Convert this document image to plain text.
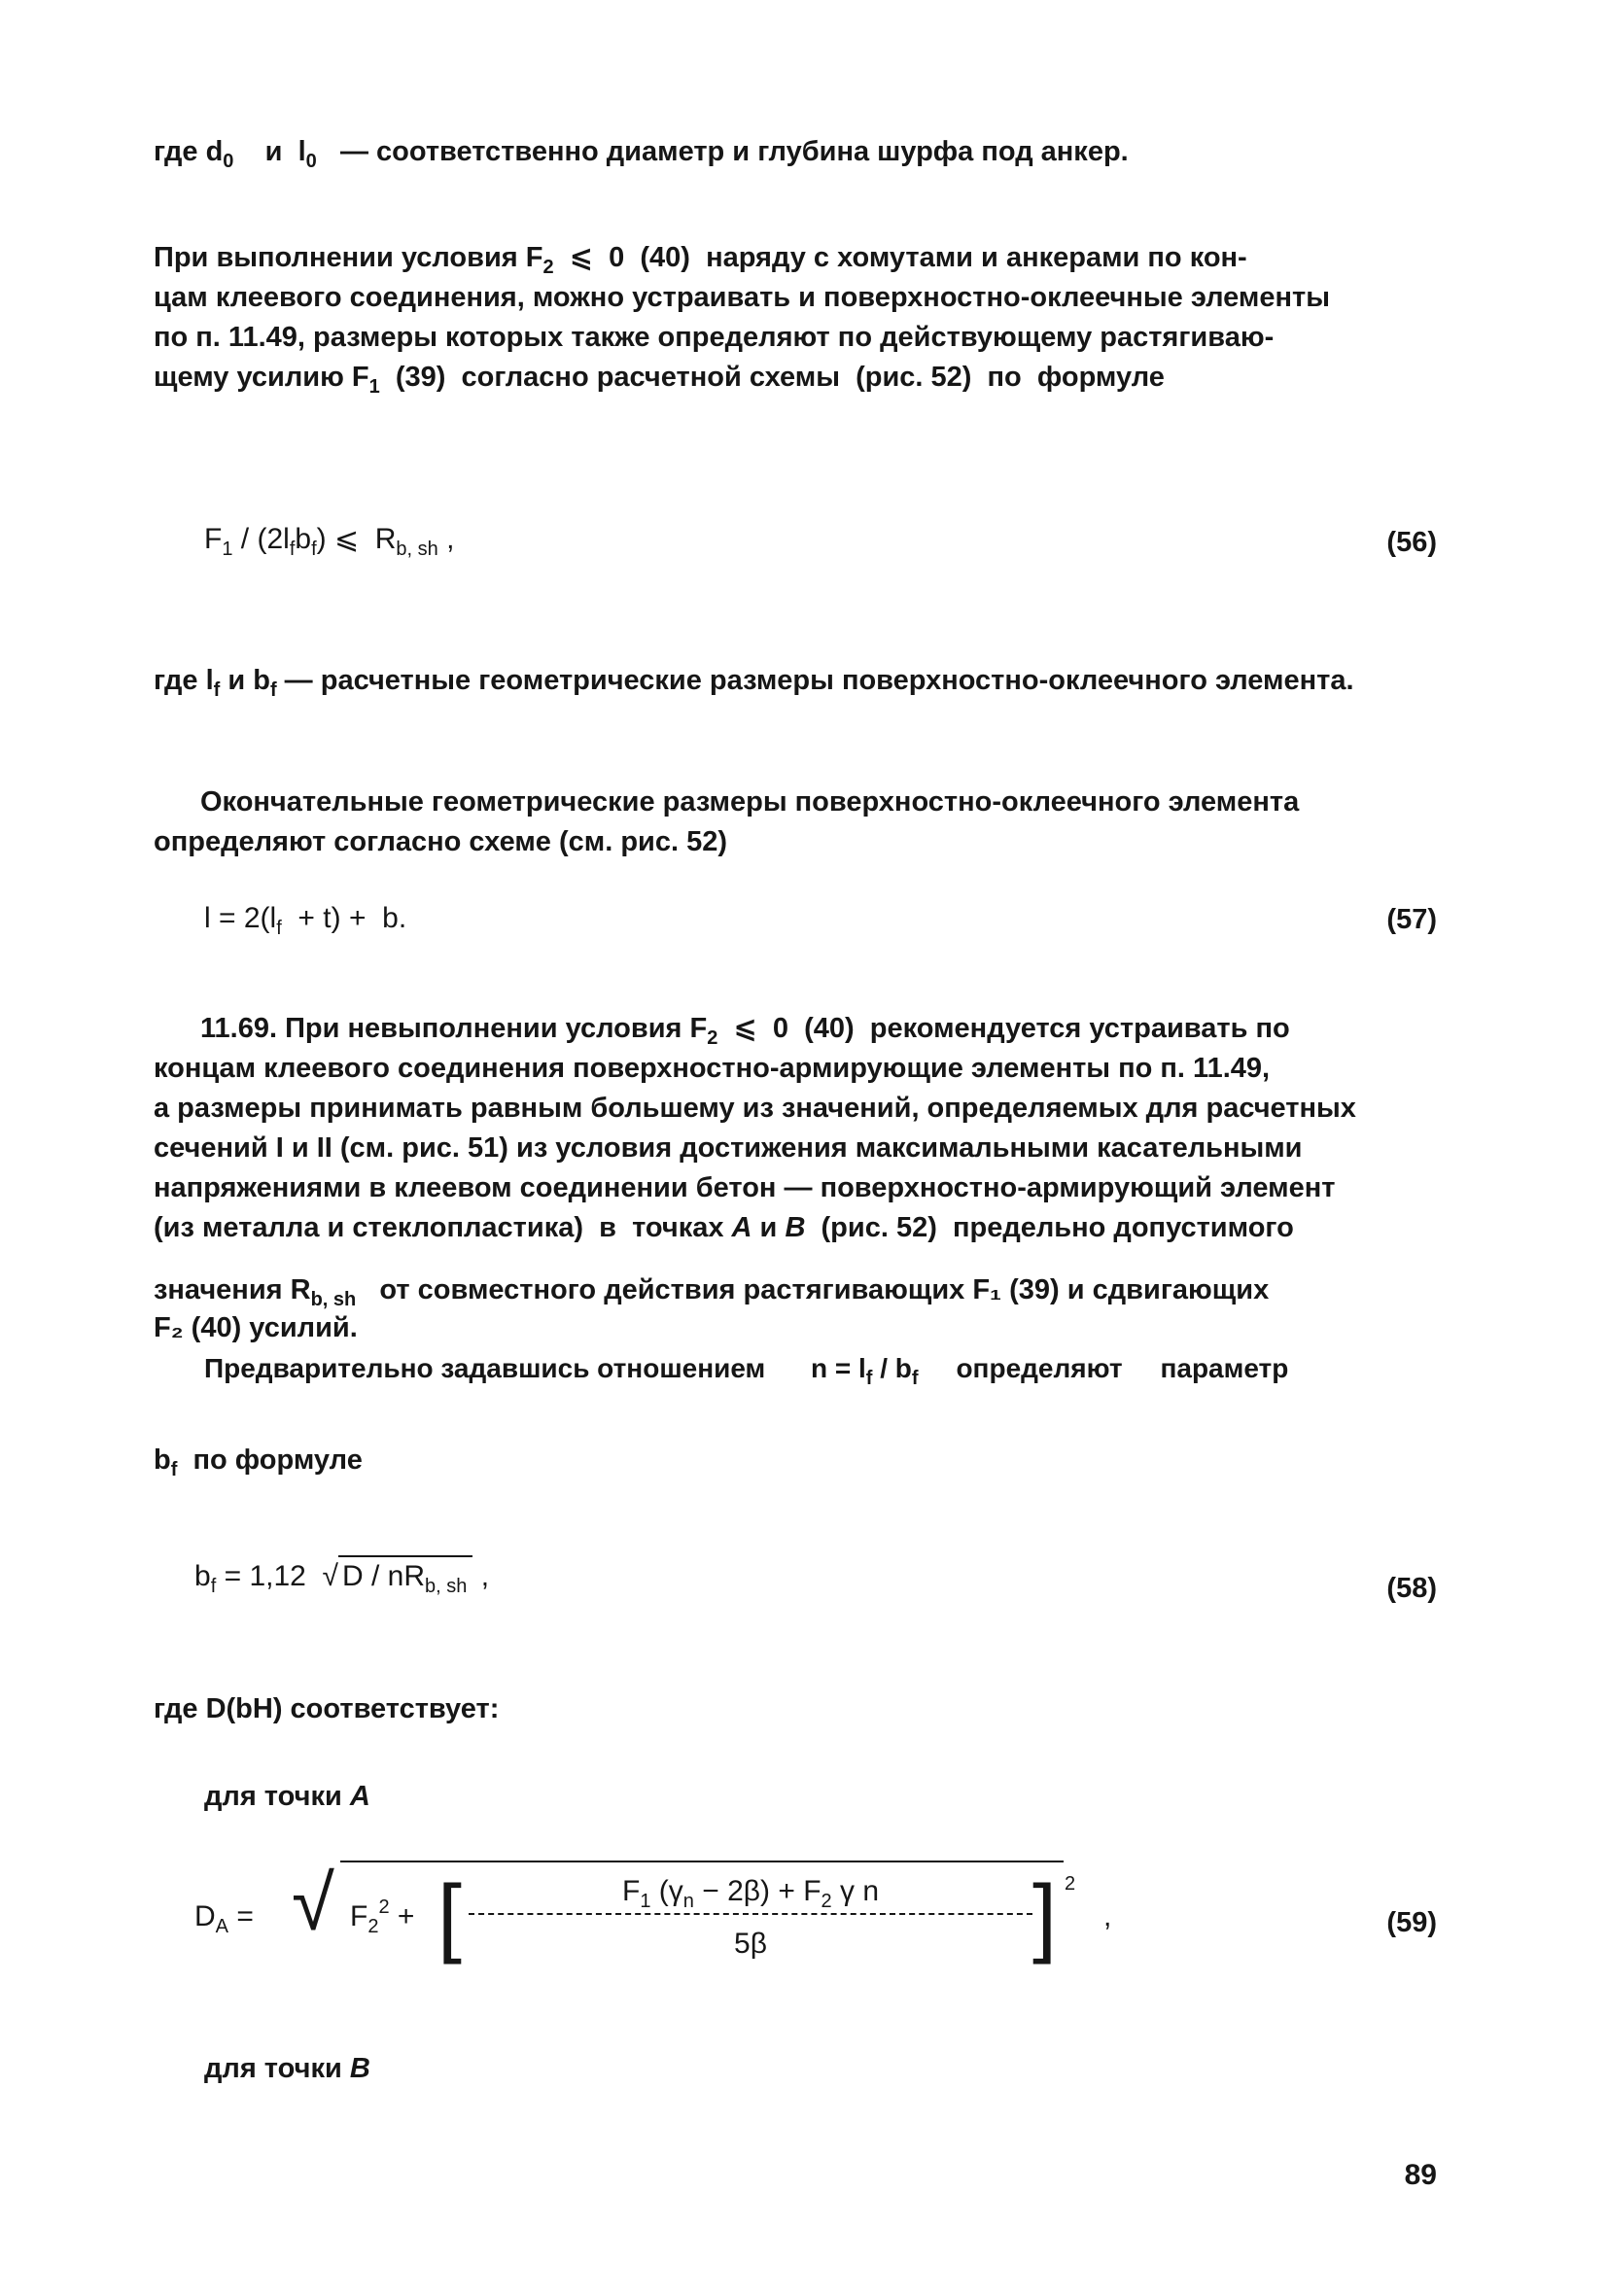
где $d_0$    и  $l_0$   — соответственно диаметр и глубина шурфа под анкер.
При выполнении условия $F_2$  ⩽  0  (40)  наряду с хомутами и анкерами по кон-
цам клеевого соединения, можно устраивать и поверхностно-оклеечные элементы
по п. 11.49, размеры которых также определяют по действующему растягиваю-
щему усилию $F_1$  (39)  согласно расчетной схемы  (рис. 52)  по  формуле
$F_1 / (2l_fb_f)$ ⩽  $R_{b, sh}$ ,	(56)
где $l_f$ и $b_f$ — расчетные геометрические размеры поверхностно-оклеечного элемента.
Окончательные геометрические размеры поверхностно-оклеечного элемента
определяют согласно схеме (см. рис. 52)
$l = 2(l_f + t) + b$.	(57)
11.69. При невыполнении условия $F_2$  ⩽  0  (40)  рекомендуется устраивать по
концам клеевого соединения поверхностно-армирующие элементы по п. 11.49,
а размеры принимать равным большему из значений, определяемых для расчетных
сечений I и II (см. рис. 51) из условия достижения максимальными касательными
напряжениями в клеевом соединении бетон — поверхностно-армирующий элемент
(из металла и стеклопластика)  в  точках A и B  (рис. 52)  предельно допустимого
значения $R_{b, sh}$ от совместного действия растягивающих F₁ (39) и сдвигающих
F₂ (40) усилий.
Предварительно задавшись отношением      $n = l_f / b_f$ определяют параметр
$b_f$ по формуле
$b_f = 1,12$  √ D / $nR_{b, sh}$ ,	(58)
где D(bH) соответствует:
для точки A
$D_A$ = √ $F_2^2$ + [	$F_1$ $(\gamma_n - 2\beta) + F_2$ γ n
5β	] 2
,	(59)
для точки B
89
